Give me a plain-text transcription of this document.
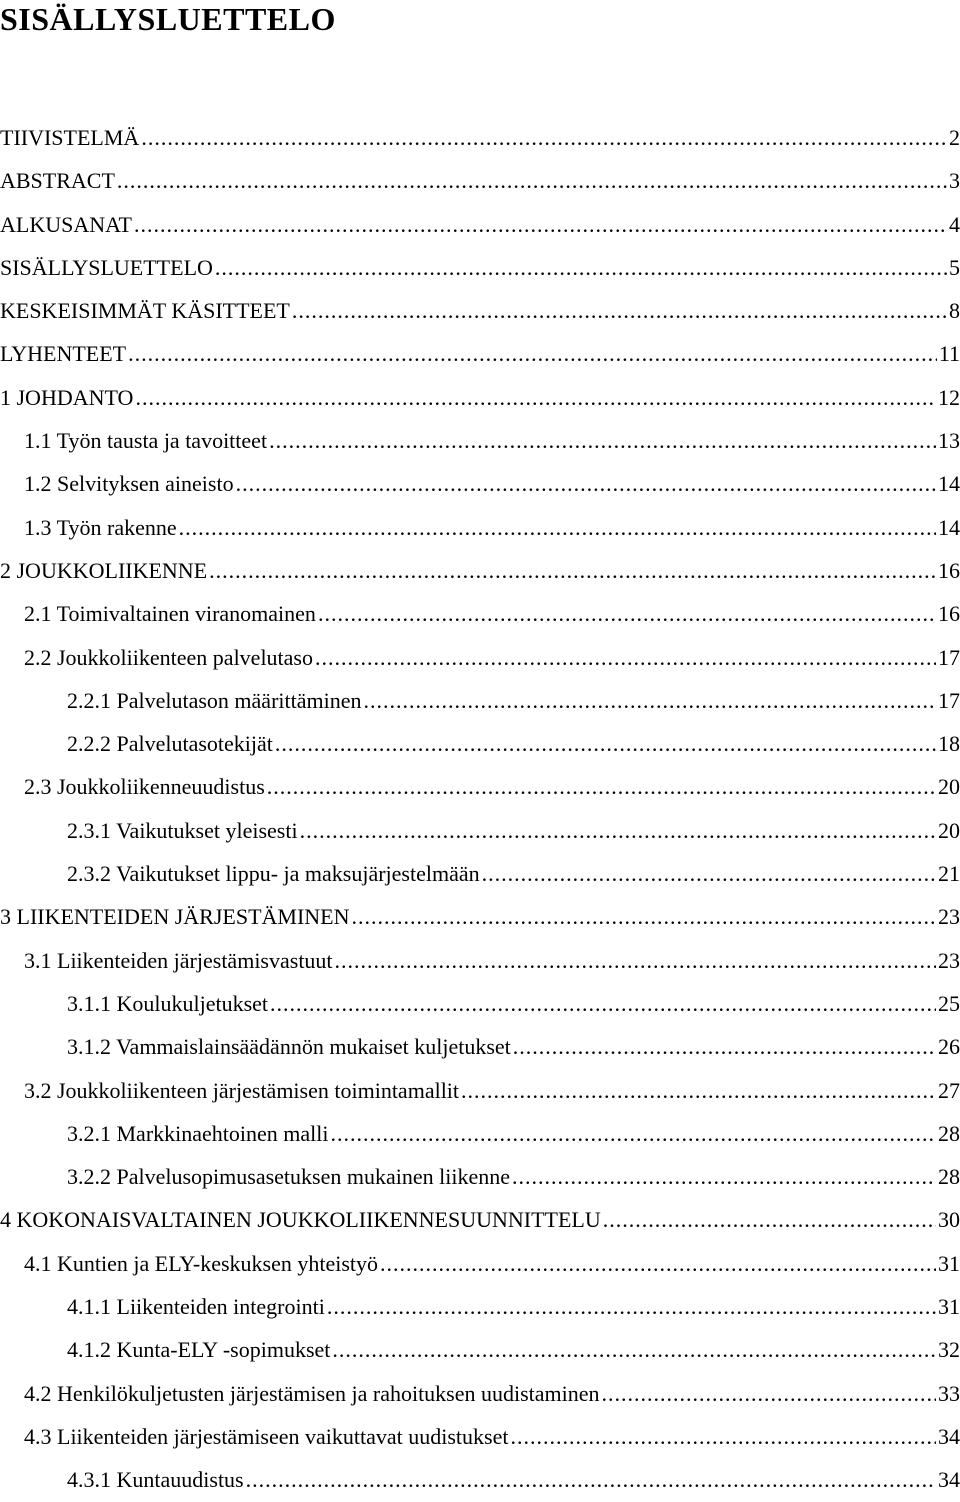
SISÄLLYSLUETTELO
TIIVISTELMÄ .....	2
ABSTRACT .....	3
ALKUSANAT .....	4
SISÄLLYSLUETTELO .....	5
KESKEISIMMÄT KÄSITTEET .....	8
LYHENTEET .....	11
1 JOHDANTO .....	12
1.1 Työn tausta ja tavoitteet .....	13
1.2 Selvityksen aineisto .....	14
1.3 Työn rakenne .....	14
2 JOUKKOLIIKENNE .....	16
2.1 Toimivaltainen viranomainen .....	16
2.2 Joukkoliikenteen palvelutaso .....	17
2.2.1 Palvelutason määrittäminen .....	17
2.2.2 Palvelutasotekijät .....	18
2.3 Joukkoliikenneuudistus .....	20
2.3.1 Vaikutukset yleisesti .....	20
2.3.2 Vaikutukset lippu- ja maksujärjestelmään .....	21
3 LIIKENTEIDEN JÄRJESTÄMINEN .....	23
3.1 Liikenteiden järjestämisvastuut .....	23
3.1.1 Koulukuljetukset .....	25
3.1.2 Vammaislainsäädännön mukaiset kuljetukset .....	26
3.2 Joukkoliikenteen järjestämisen toimintamallit .....	27
3.2.1 Markkinaehtoinen malli .....	28
3.2.2 Palvelusopimusasetuksen mukainen liikenne .....	28
4 KOKONAISVALTAINEN JOUKKOLIIKENNESUUNNITTELU .....	30
4.1 Kuntien ja ELY-keskuksen yhteistyö .....	31
4.1.1 Liikenteiden integrointi .....	31
4.1.2 Kunta-ELY -sopimukset .....	32
4.2 Henkilökuljetusten järjestämisen ja rahoituksen uudistaminen .....	33
4.3 Liikenteiden järjestämiseen vaikuttavat uudistukset .....	34
4.3.1 Kuntauudistus .....	34
